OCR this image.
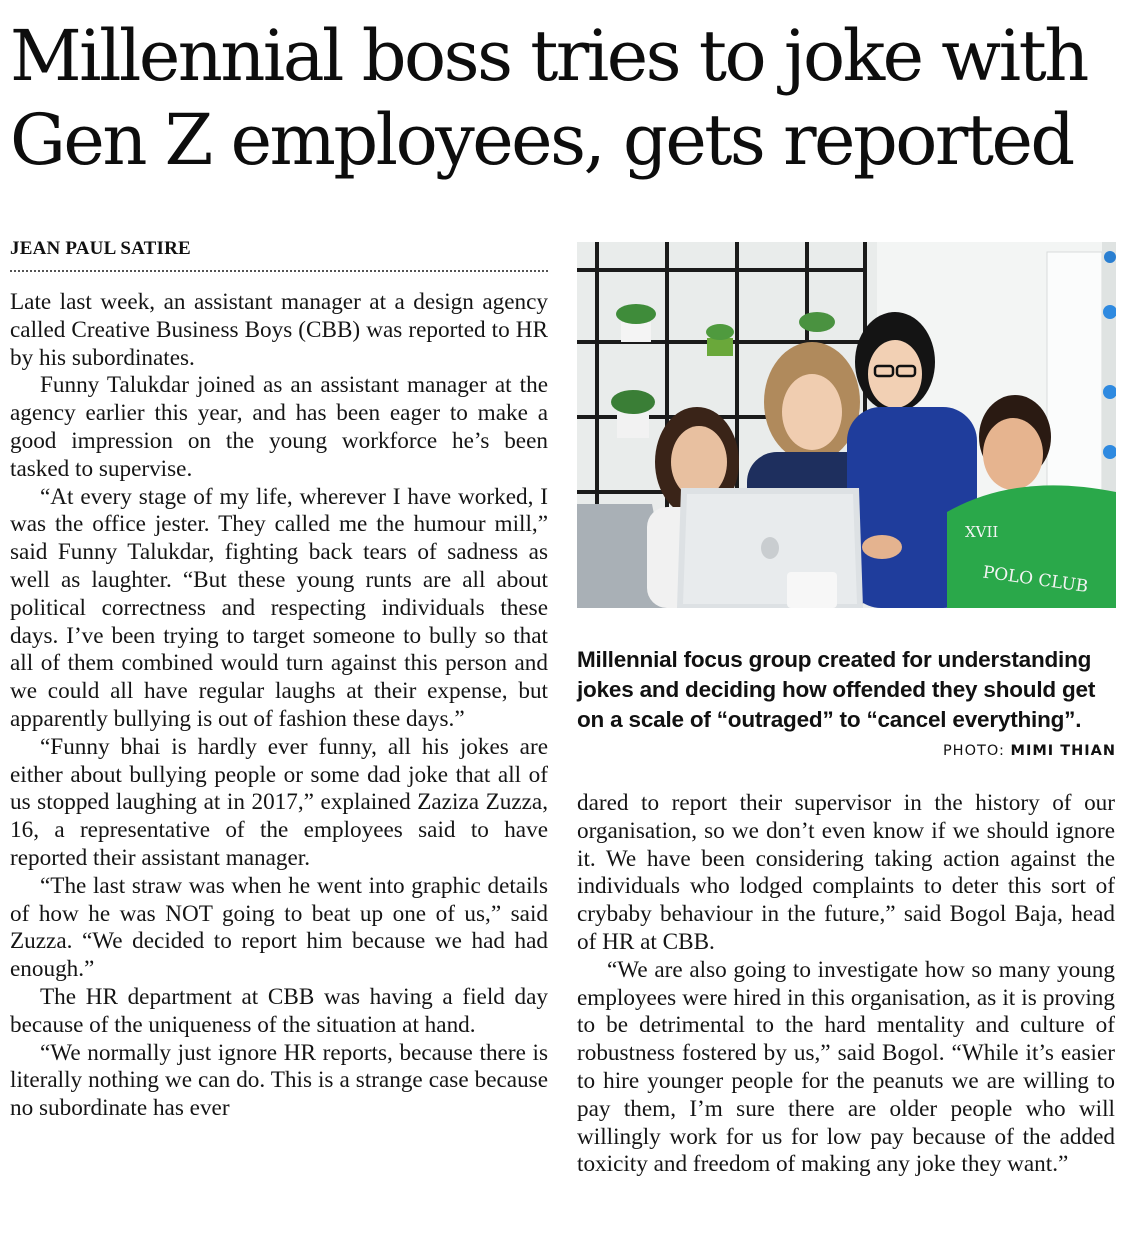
Millennial boss tries to joke with Gen Z employees, gets reported
JEAN PAUL SATIRE

Late last week, an assistant manager at a design agency called Creative Business Boys (CBB) was reported to HR by his subordinates.

Funny Talukdar joined as an assistant manager at the agency earlier this year, and has been eager to make a good impression on the young workforce he’s been tasked to supervise.

“At every stage of my life, wherever I have worked, I was the office jester. They called me the humour mill,” said Funny Talukdar, fighting back tears of sadness as well as laughter. “But these young runts are all about political correctness and respecting individuals these days. I’ve been trying to target someone to bully so that all of them combined would turn against this person and we could all have regular laughs at their expense, but apparently bullying is out of fashion these days.”

“Funny bhai is hardly ever funny, all his jokes are either about bullying people or some dad joke that all of us stopped laughing at in 2017,” explained Zaziza Zuzza, 16, a representative of the employees said to have reported their assistant manager.

“The last straw was when he went into graphic details of how he was NOT going to beat up one of us,” said Zuzza. “We decided to report him because we had had enough.”

The HR department at CBB was having a field day because of the uniqueness of the situation at hand.

“We normally just ignore HR reports, because there is literally nothing we can do. This is a strange case because no subordinate has ever

XVII
POLO CLUB
Millennial focus group created for understanding jokes and deciding how offended they should get on a scale of “outraged” to “cancel everything”.
PHOTO: MIMI THIAN

dared to report their supervisor in the history of our organisation, so we don’t even know if we should ignore it. We have been considering taking action against the individuals who lodged complaints to deter this sort of crybaby behaviour in the future,” said Bogol Baja, head of HR at CBB.

“We are also going to investigate how so many young employees were hired in this organisation, as it is proving to be detrimental to the hard mentality and culture of robustness fostered by us,” said Bogol. “While it’s easier to hire younger people for the peanuts we are willing to pay them, I’m sure there are older people who will willingly work for us for low pay because of the added toxicity and freedom of making any joke they want.”
